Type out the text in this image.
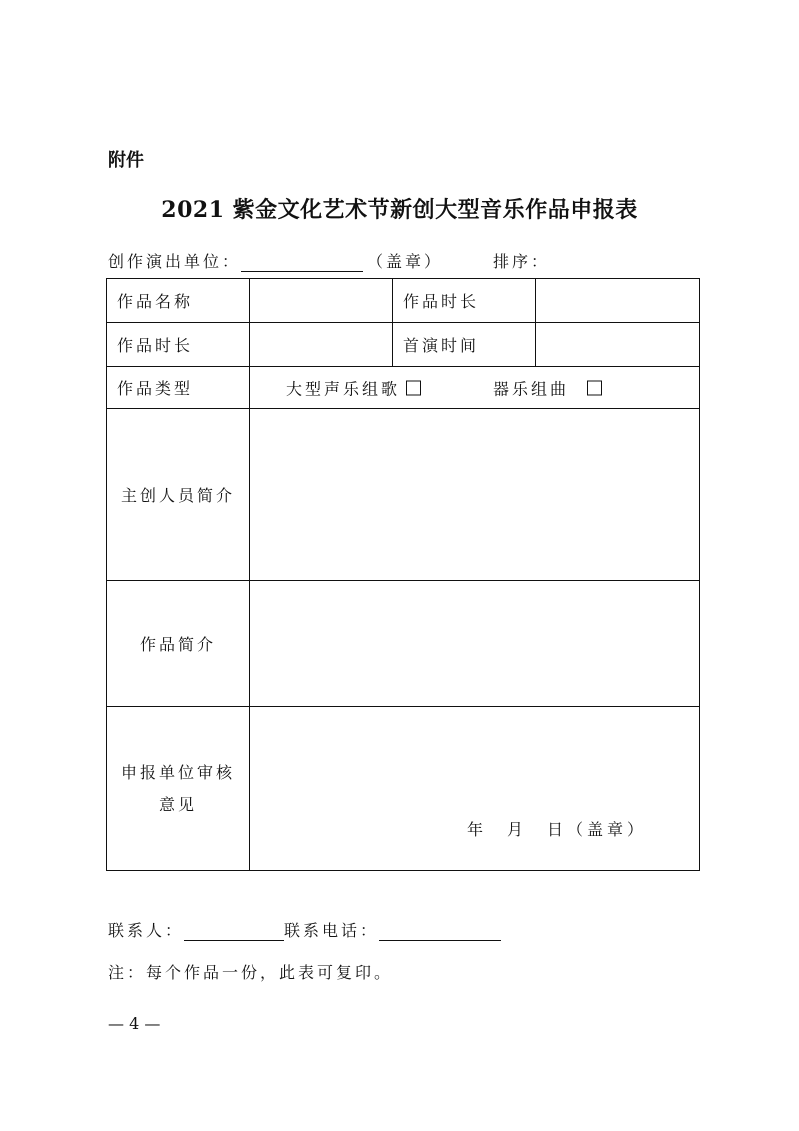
附件
2021 紫金文化艺术节新创大型音乐作品申报表
创作演出单位：	（盖章）	排序：
作品名称		作品时长	
作品时长		首演时间	
作品类型	大型声乐组歌 器乐组曲		

主创人员简介			
作品简介			
申报单位审核
意见	年　月　日（盖章）		
联系人：	联系电话：
注：每个作品一份，此表可复印。
— 4 —
